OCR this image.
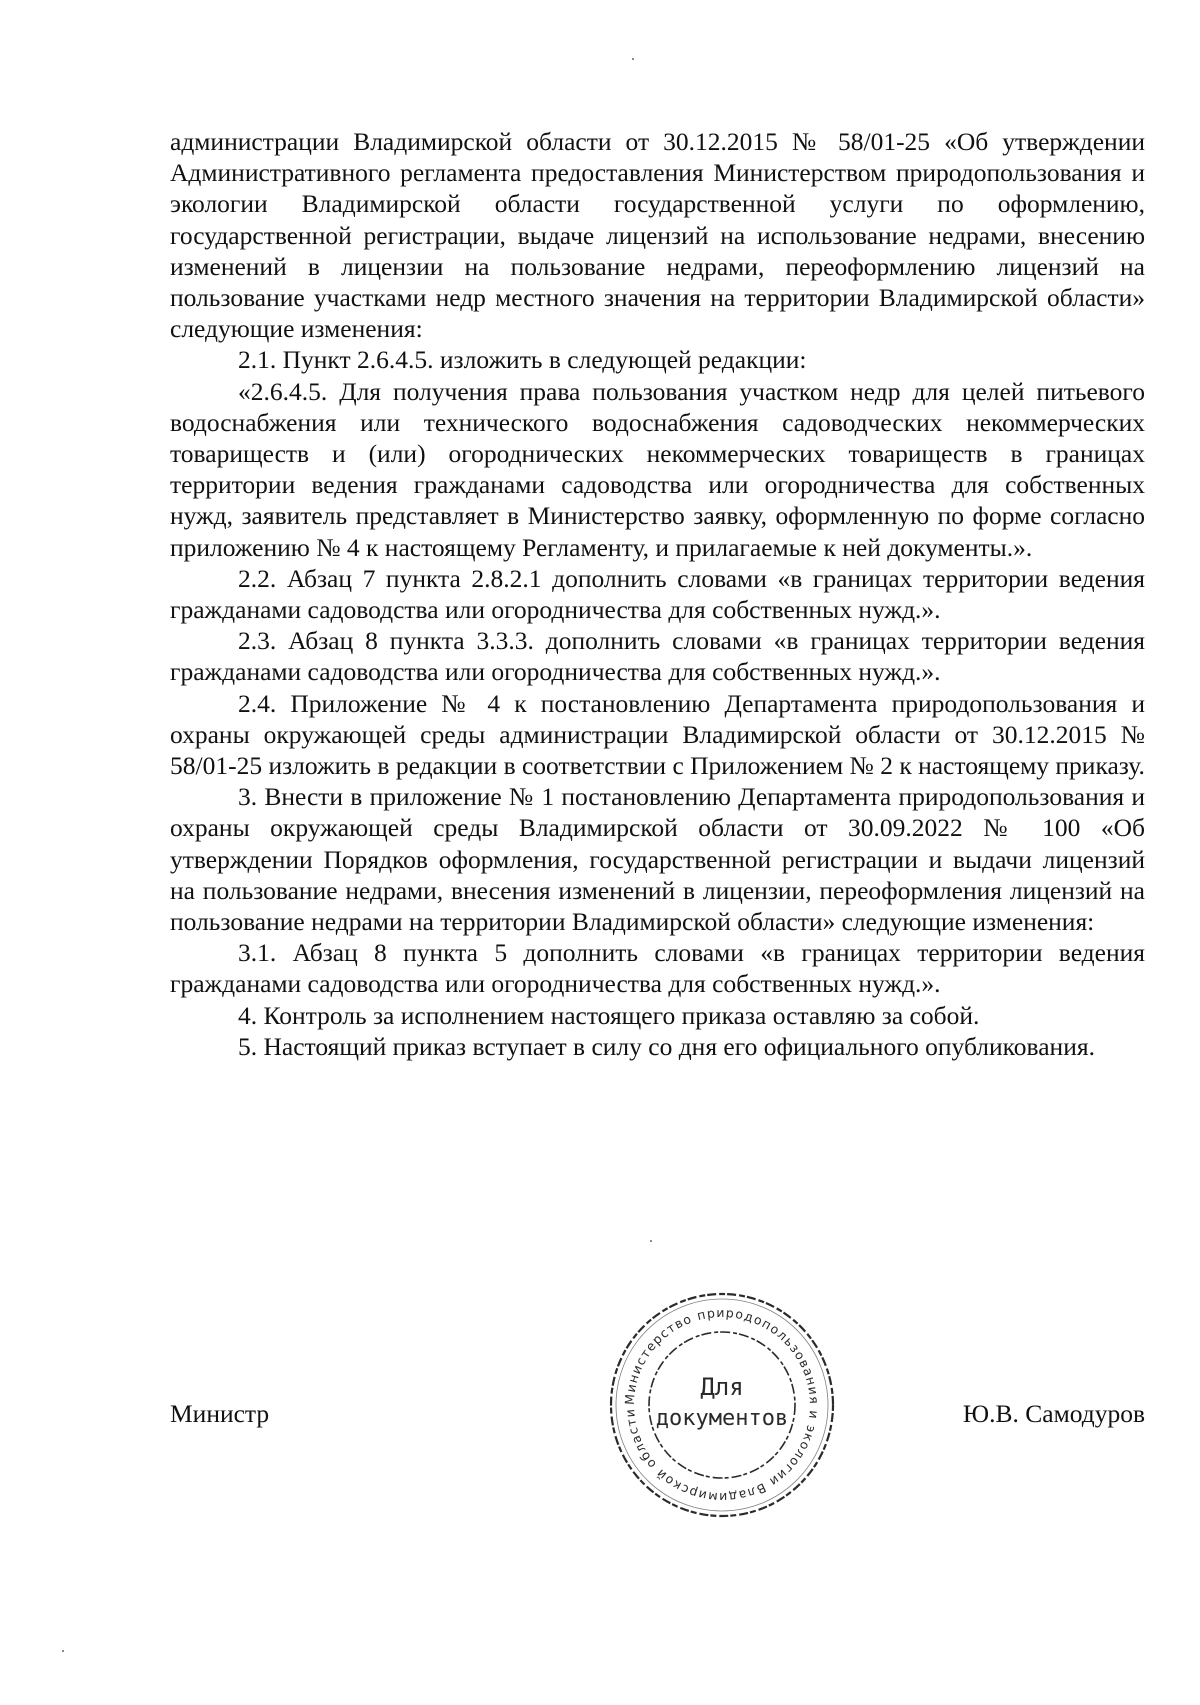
администрации Владимирской области от 30.12.2015 № 58/01-25 «Об утверждении Административного регламента предоставления Министерством природопользования и экологии Владимирской области государственной услуги по оформлению, государственной регистрации, выдаче лицензий на использование недрами, внесению изменений в лицензии на пользование недрами, переоформлению лицензий на пользование участками недр местного значения на территории Владимирской области» следующие изменения:

2.1. Пункт 2.6.4.5. изложить в следующей редакции:

«2.6.4.5. Для получения права пользования участком недр для целей питьевого водоснабжения или технического водоснабжения садоводческих некоммерческих товариществ и (или) огороднических некоммерческих товариществ в границах территории ведения гражданами садоводства или огородничества для собственных нужд, заявитель представляет в Министерство заявку, оформленную по форме согласно приложению № 4 к настоящему Регламенту, и прилагаемые к ней документы.».

2.2. Абзац 7 пункта 2.8.2.1 дополнить словами «в границах территории ведения гражданами садоводства или огородничества для собственных нужд.».

2.3. Абзац 8 пункта 3.3.3. дополнить словами «в границах территории ведения гражданами садоводства или огородничества для собственных нужд.».

2.4. Приложение № 4 к постановлению Департамента природопользования и охраны окружающей среды администрации Владимирской области от 30.12.2015 № 58/01-25 изложить в редакции в соответствии с Приложением № 2 к настоящему приказу.

3. Внести в приложение № 1 постановлению Департамента природопользования и охраны окружающей среды Владимирской области от 30.09.2022 № 100 «Об утверждении Порядков оформления, государственной регистрации и выдачи лицензий на пользование недрами, внесения изменений в лицензии, переоформления лицензий на пользование недрами на территории Владимирской области» следующие изменения:

3.1. Абзац 8 пункта 5 дополнить словами «в границах территории ведения гражданами садоводства или огородничества для собственных нужд.».

4. Контроль за исполнением настоящего приказа оставляю за собой.

5. Настоящий приказ вступает в силу со дня его официального опубликования.

Министр	Ю.В. Самодуров
Министерство природопользования и экологии Владимирской области
Для
документов
